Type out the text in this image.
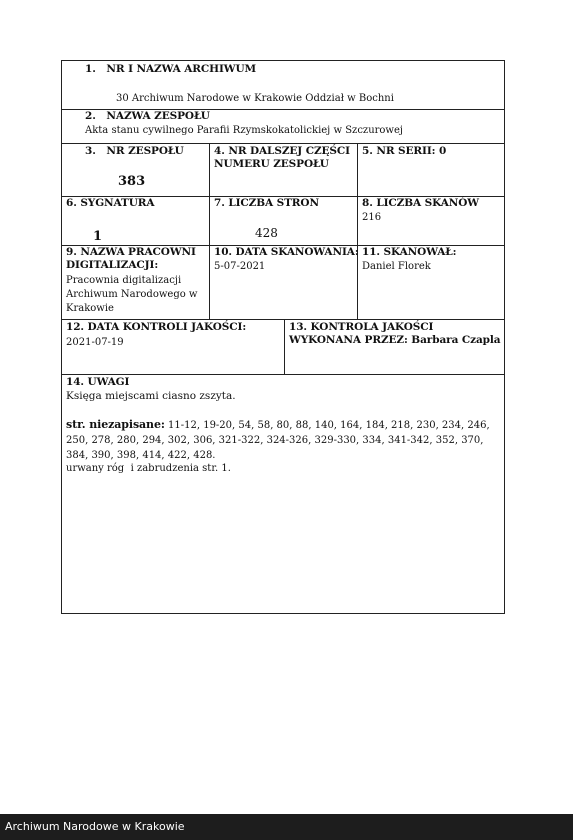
1.   NR I NAZWA ARCHIWUM
30 Archiwum Narodowe w Krakowie Oddział w Bochni
2.   NAZWA ZESPOŁU
Akta stanu cywilnego Parafii Rzymskokatolickiej w Szczurowej
3.   NR ZESPOŁU
383
4. NR DALSZEJ CZĘŚCI NUMERU ZESPOŁU
5. NR SERII: 0
6. SYGNATURA
1
7. LICZBA STRON
428
8. LICZBA SKANÓW
216
9. NAZWA PRACOWNI DIGITALIZACJI:
Pracownia digitalizacji Archiwum Narodowego w Krakowie
10. DATA SKANOWANIA:
5-07-2021
11. SKANOWAŁ:
Daniel Florek
12. DATA KONTROLI JAKOŚCI:
2021-07-19
13. KONTROLA JAKOŚCI WYKONANA PRZEZ: Barbara Czapla
14. UWAGI
Księga miejscami ciasno zszyta.
str. niezapisane: 11-12, 19-20, 54, 58, 80, 88, 140, 164, 184, 218, 230, 234, 246, 250, 278, 280, 294, 302, 306, 321-322, 324-326, 329-330, 334, 341-342, 352, 370, 384, 390, 398, 414, 422, 428.
urwany róg  i zabrudzenia str. 1.
Archiwum Narodowe w Krakowie
